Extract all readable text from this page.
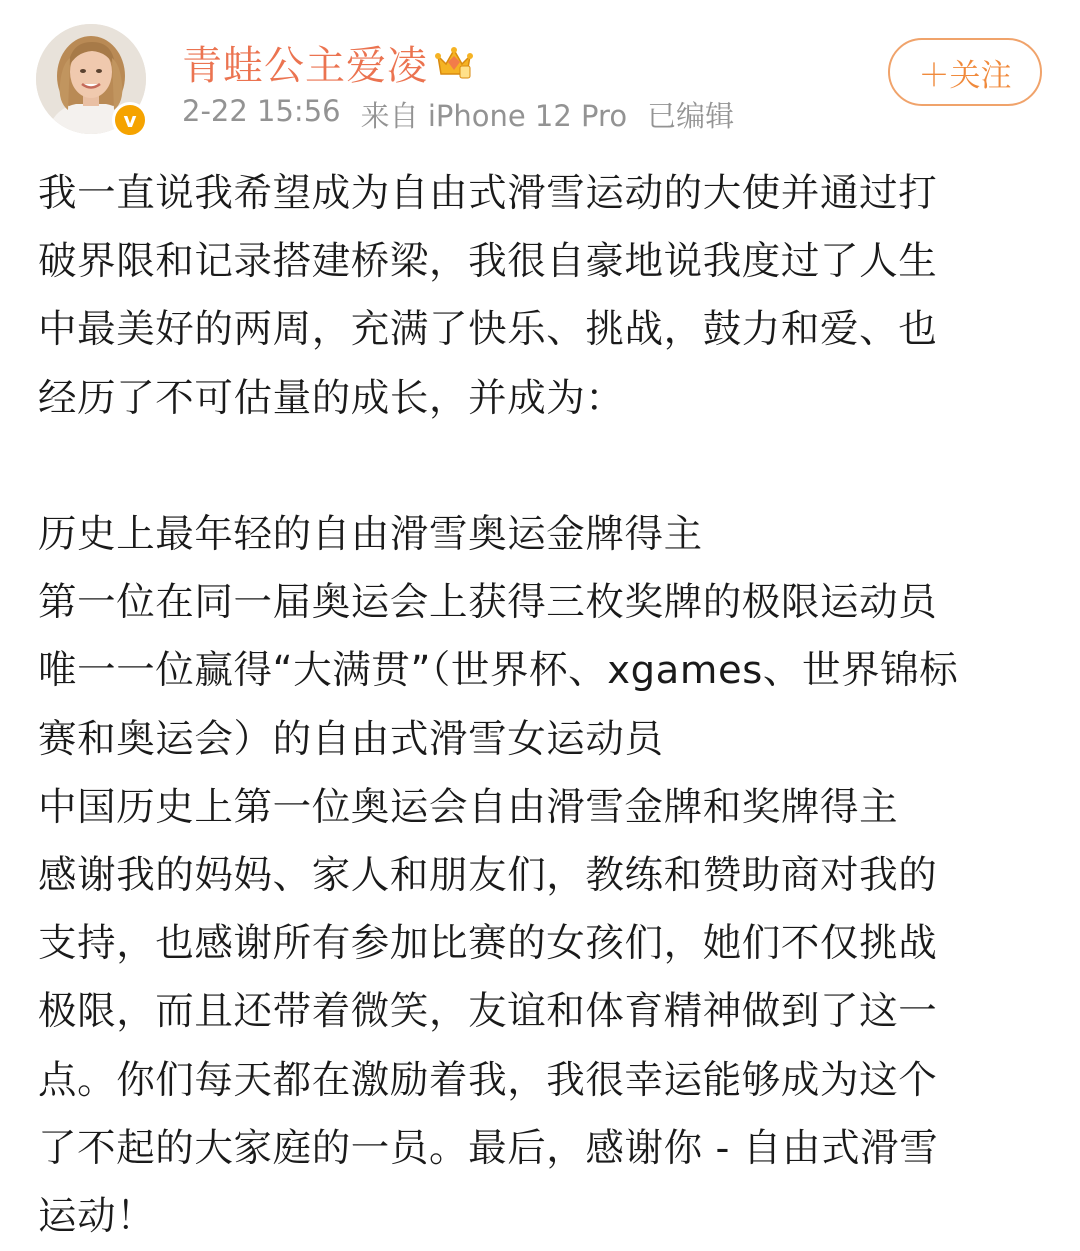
v
青蛙公主爱凌
2-22 15:56 来自 iPhone 12 Pro 已编辑
＋关注

我一直说我希望成为自由式滑雪运动的大使并通过打

破界限和记录搭建桥梁，我很自豪地说我度过了人生

中最美好的两周，充满了快乐、挑战，鼓力和爱、也

经历了不可估量的成长，并成为：

历史上最年轻的自由滑雪奥运金牌得主

第一位在同一届奥运会上获得三枚奖牌的极限运动员

唯一一位赢得“大满贯”（世界杯、xgames、世界锦标

赛和奥运会）的自由式滑雪女运动员

中国历史上第一位奥运会自由滑雪金牌和奖牌得主

感谢我的妈妈、家人和朋友们，教练和赞助商对我的

支持，也感谢所有参加比赛的女孩们，她们不仅挑战

极限，而且还带着微笑，友谊和体育精神做到了这一

点。你们每天都在激励着我，我很幸运能够成为这个

了不起的大家庭的一员。最后，感谢你 - 自由式滑雪

运动！
